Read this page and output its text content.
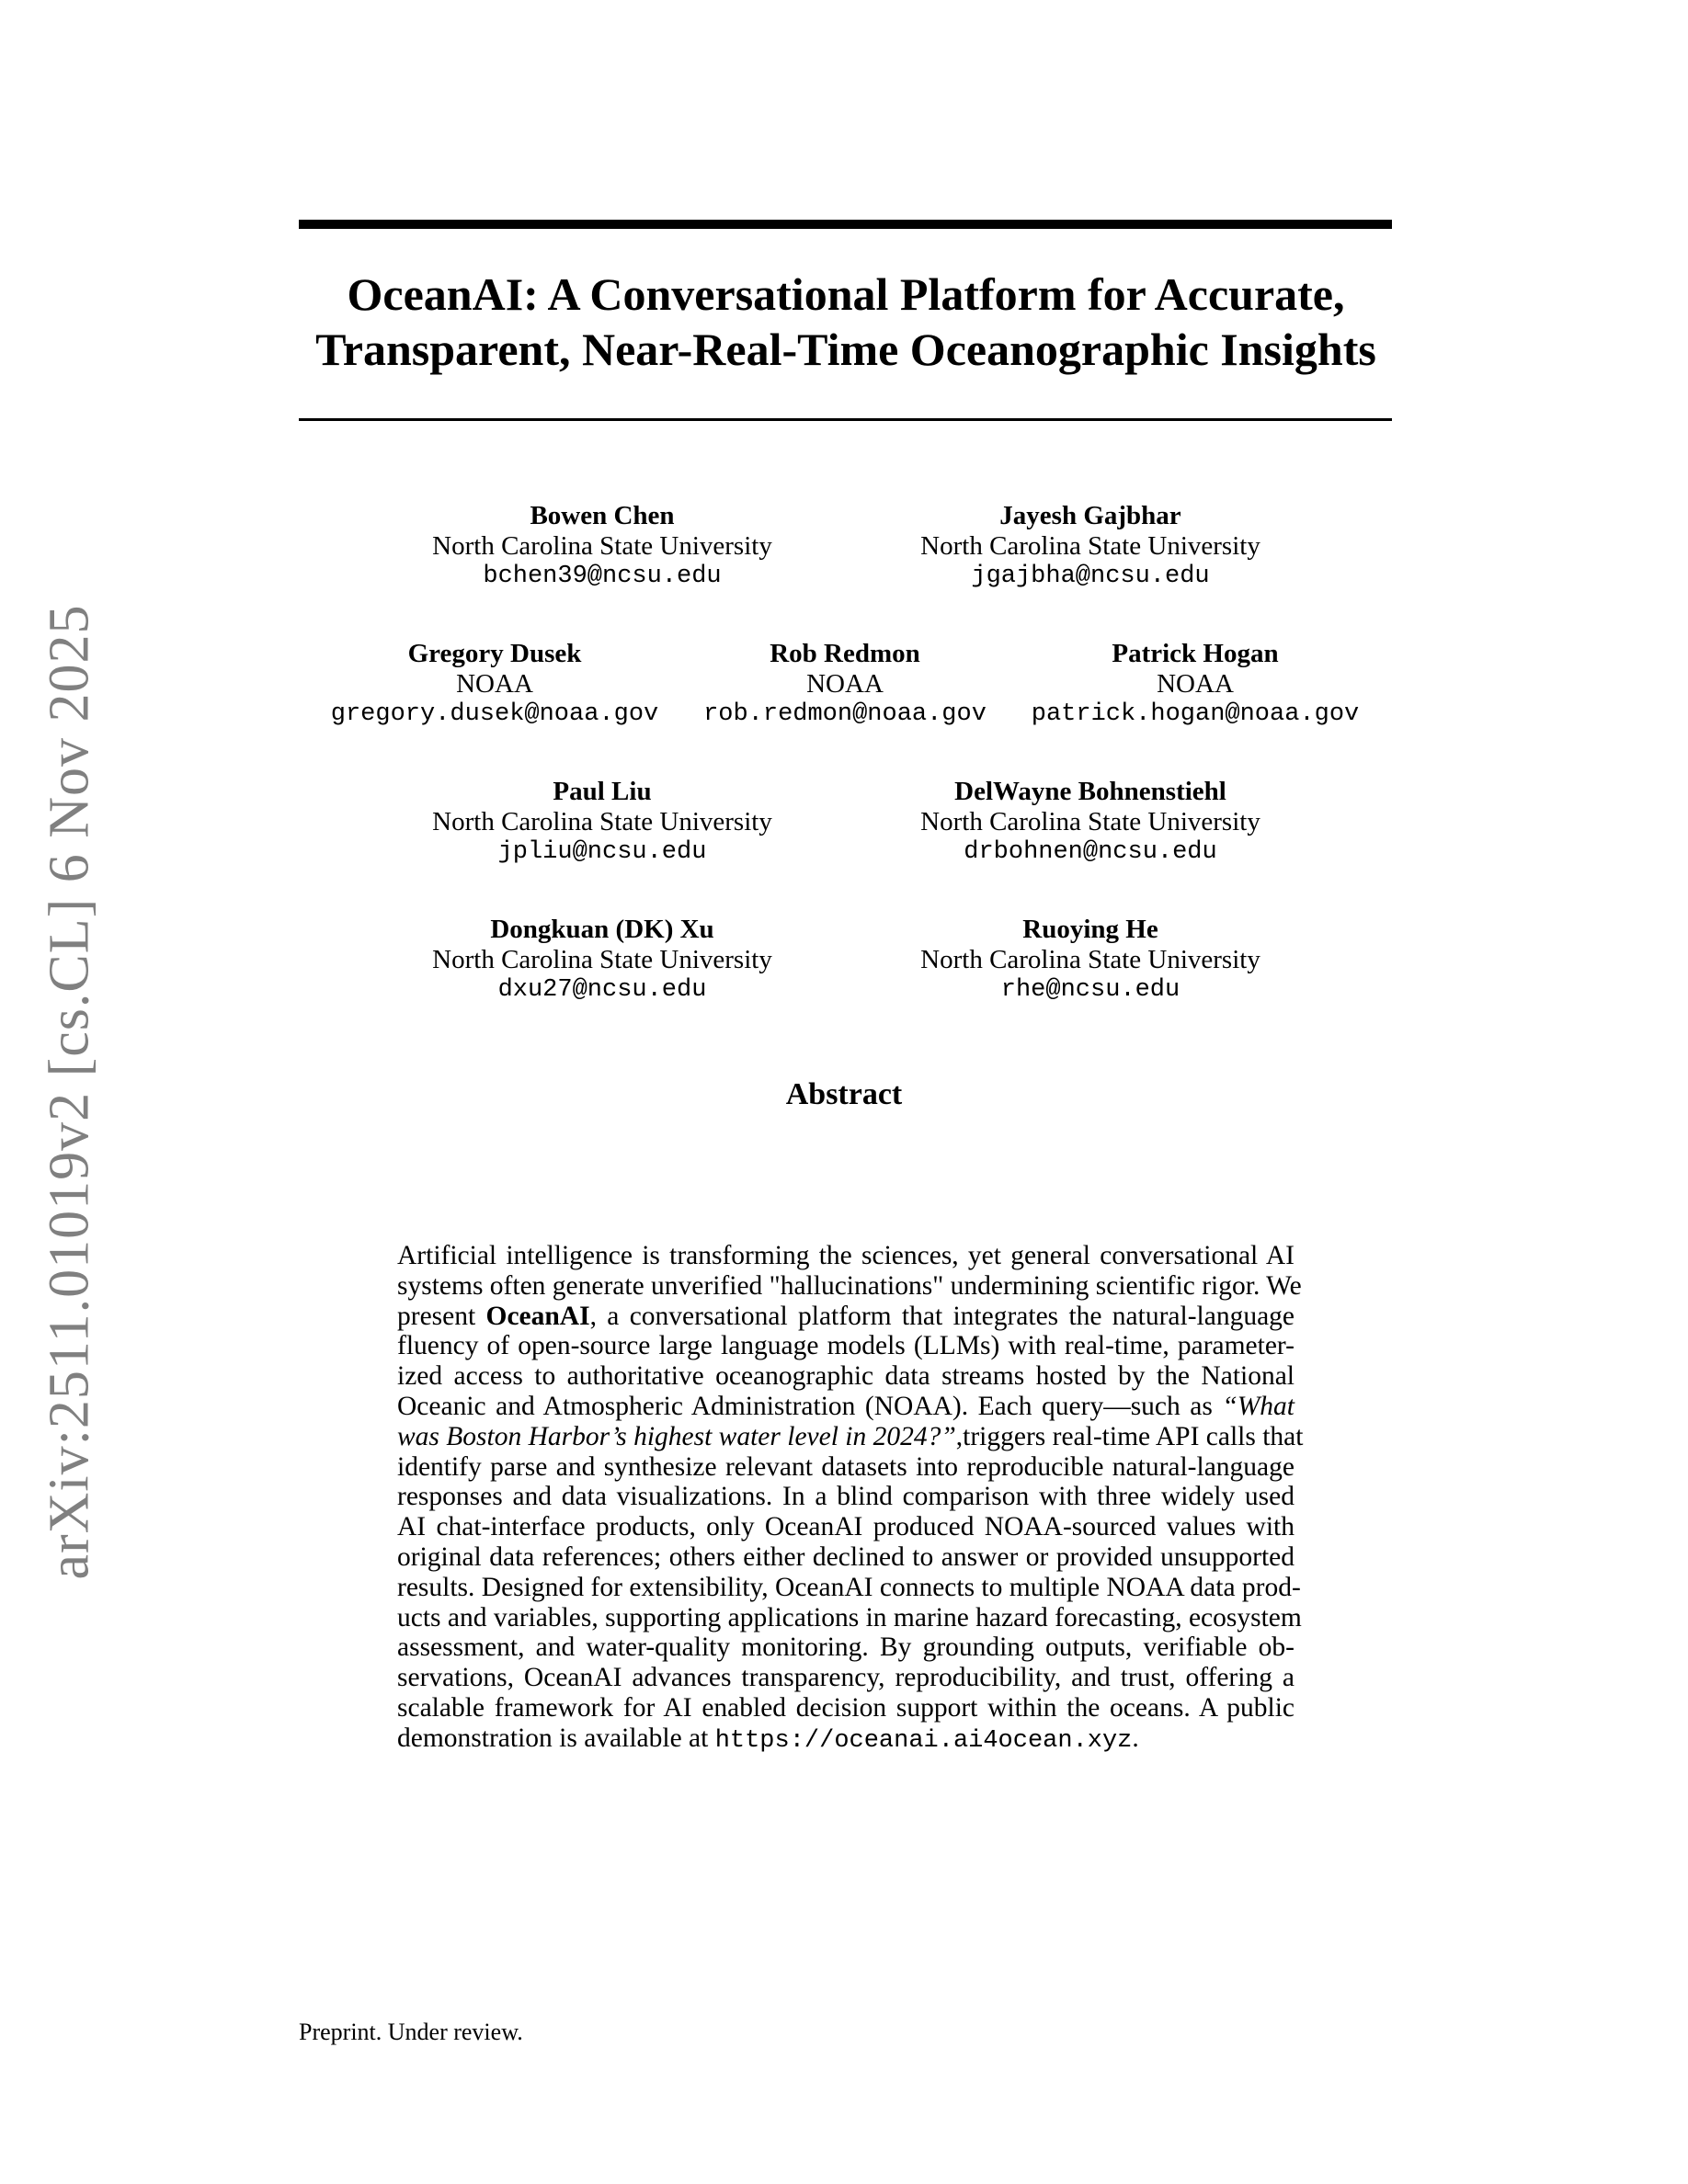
arXiv:2511.01019v2 [cs.CL] 6 Nov 2025
OceanAI: A Conversational Platform for Accurate,
Transparent, Near-Real-Time Oceanographic Insights
Bowen Chen
North Carolina State University
bchen39@ncsu.edu
Jayesh Gajbhar
North Carolina State University
jgajbha@ncsu.edu
Gregory Dusek
NOAA
gregory.dusek@noaa.gov
Rob Redmon
NOAA
rob.redmon@noaa.gov
Patrick Hogan
NOAA
patrick.hogan@noaa.gov
Paul Liu
North Carolina State University
jpliu@ncsu.edu
DelWayne Bohnenstiehl
North Carolina State University
drbohnen@ncsu.edu
Dongkuan (DK) Xu
North Carolina State University
dxu27@ncsu.edu
Ruoying He
North Carolina State University
rhe@ncsu.edu
Abstract
Artificial intelligence is transforming the sciences, yet general conversational AI
systems often generate unverified "hallucinations" undermining scientific rigor. We
present OceanAI, a conversational platform that integrates the natural-language
fluency of open-source large language models (LLMs) with real-time, parameter-
ized access to authoritative oceanographic data streams hosted by the National
Oceanic and Atmospheric Administration (NOAA). Each query—such as “What
was Boston Harbor’s highest water level in 2024?”,triggers real-time API calls that
identify parse and synthesize relevant datasets into reproducible natural-language
responses and data visualizations. In a blind comparison with three widely used
AI chat-interface products, only OceanAI produced NOAA-sourced values with
original data references; others either declined to answer or provided unsupported
results. Designed for extensibility, OceanAI connects to multiple NOAA data prod-
ucts and variables, supporting applications in marine hazard forecasting, ecosystem
assessment, and water-quality monitoring. By grounding outputs, verifiable ob-
servations, OceanAI advances transparency, reproducibility, and trust, offering a
scalable framework for AI enabled decision support within the oceans. A public
demonstration is available at https://oceanai.ai4ocean.xyz.
Preprint. Under review.
